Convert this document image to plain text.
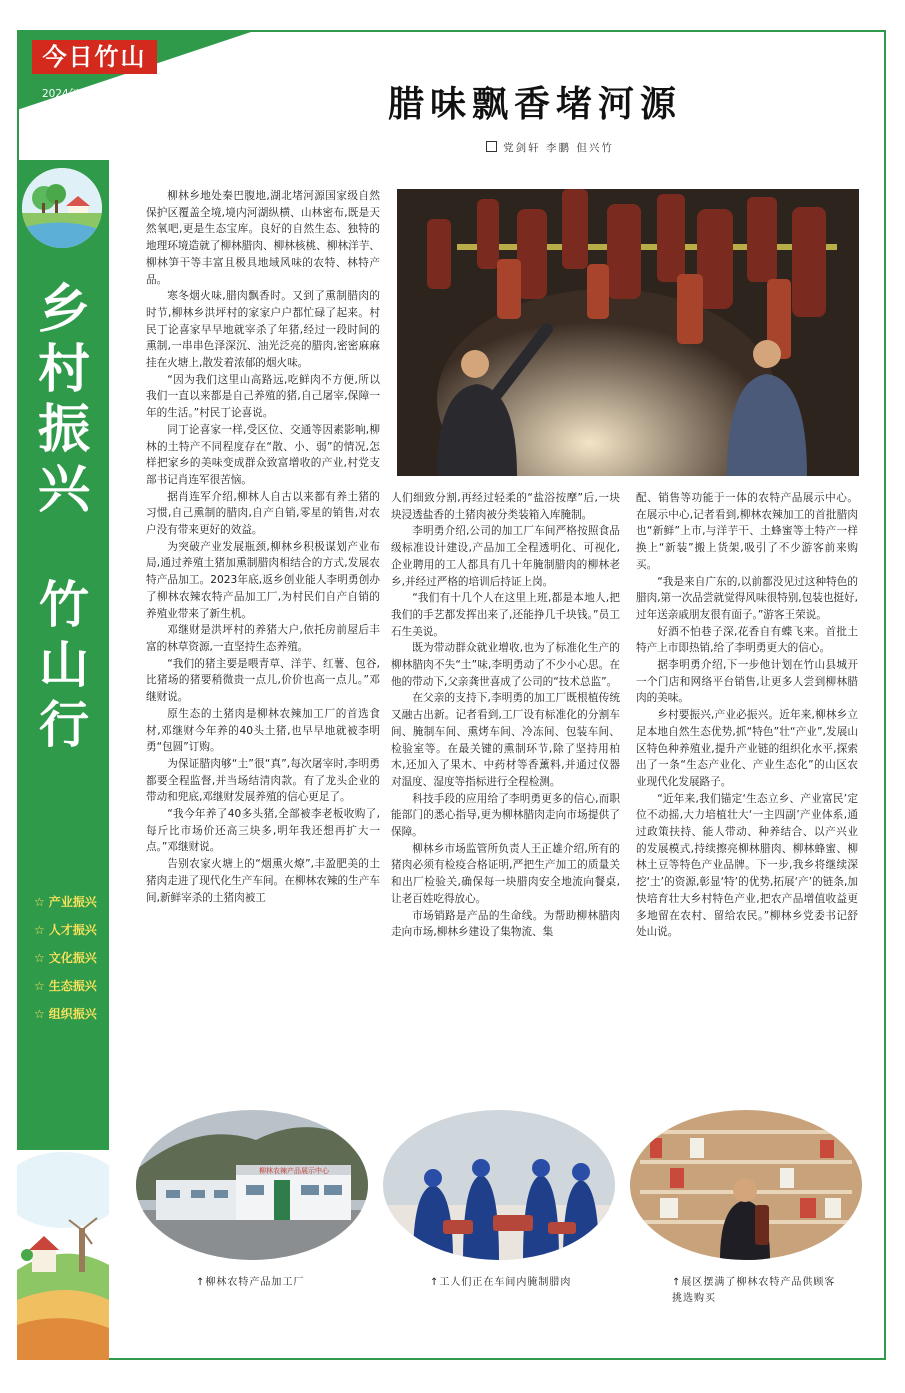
今日竹山
2024年1月12日 星期五
责任编辑:张 媛
乡村振兴
竹山行
☆ 产业振兴
☆ 人才振兴
☆ 文化振兴
☆ 生态振兴
☆ 组织振兴
腊味飘香堵河源
党剑轩 李鹏 但兴竹

柳林乡地处秦巴腹地,湖北堵河源国家级自然保护区覆盖全境,境内河湖纵横、山林密布,既是天然氧吧,更是生态宝库。良好的自然生态、独特的地理环境造就了柳林腊肉、柳林核桃、柳林洋芋、柳林笋干等丰富且极具地域风味的农特、林特产品。

寒冬烟火味,腊肉飘香时。又到了熏制腊肉的时节,柳林乡洪坪村的家家户户都忙碌了起来。村民丁论喜家早早地就宰杀了年猪,经过一段时间的熏制,一串串色泽深沉、油光泛亮的腊肉,密密麻麻挂在火塘上,散发着浓郁的烟火味。

“因为我们这里山高路远,吃鲜肉不方便,所以我们一直以来都是自己养殖的猪,自己屠宰,保障一年的生活。”村民丁论喜说。

同丁论喜家一样,受区位、交通等因素影响,柳林的土特产不同程度存在“散、小、弱”的情况,怎样把家乡的美味变成群众致富增收的产业,村党支部书记肖连军很苦恼。

据肖连军介绍,柳林人自古以来都有养土猪的习惯,自己熏制的腊肉,自产自销,零星的销售,对农户没有带来更好的效益。

为突破产业发展瓶颈,柳林乡积极谋划产业布局,通过养殖土猪加熏制腊肉相结合的方式,发展农特产品加工。2023年底,返乡创业能人李明勇创办了柳林农辣农特产品加工厂,为村民们自产自销的养殖业带来了新生机。

邓继财是洪坪村的养猪大户,依托房前屋后丰富的林草资源,一直坚持生态养殖。

“我们的猪主要是喂青草、洋芋、红薯、包谷,比猪场的猪要稍微贵一点儿,价价也高一点儿。”邓继财说。

原生态的土猪肉是柳林农辣加工厂的首选食材,邓继财今年养的40头土猪,也早早地就被李明勇“包圆”订购。

为保证腊肉够“土”很“真”,每次屠宰时,李明勇都要全程监督,并当场结清肉款。有了龙头企业的带动和兜底,邓继财发展养殖的信心更足了。

“我今年养了40多头猪,全部被李老板收购了,每斤比市场价还高三块多,明年我还想再扩大一点。”邓继财说。

告别农家火塘上的“烟熏火燎”,丰盈肥美的土猪肉走进了现代化生产车间。在柳林农辣的生产车间,新鲜宰杀的土猪肉被工

人们细致分割,再经过轻柔的“盐浴按摩”后,一块块浸透盐香的土猪肉被分类装箱入库腌制。

李明勇介绍,公司的加工厂车间严格按照食品级标准设计建设,产品加工全程透明化、可视化,企业聘用的工人都具有几十年腌制腊肉的柳林老乡,并经过严格的培训后持证上岗。

“我们有十几个人在这里上班,都是本地人,把我们的手艺都发挥出来了,还能挣几千块钱。”员工石生美说。

既为带动群众就业增收,也为了标准化生产的柳林腊肉不失“土”味,李明勇动了不少小心思。在他的带动下,父亲龚世喜成了公司的“技术总监”。

在父亲的支持下,李明勇的加工厂既根植传统又融古出新。记者看到,工厂设有标准化的分割车间、腌制车间、熏烤车间、冷冻间、包装车间、检验室等。在最关键的熏制环节,除了坚持用柏木,还加入了果木、中药材等香薰料,并通过仪器对温度、湿度等指标进行全程检测。

科技手段的应用给了李明勇更多的信心,而职能部门的悉心指导,更为柳林腊肉走向市场提供了保障。

柳林乡市场监管所负责人王正雄介绍,所有的猪肉必须有检疫合格证明,严把生产加工的质量关和出厂检验关,确保每一块腊肉安全地流向餐桌,让老百姓吃得放心。

市场销路是产品的生命线。为帮助柳林腊肉走向市场,柳林乡建设了集物流、集

配、销售等功能于一体的农特产品展示中心。在展示中心,记者看到,柳林农辣加工的首批腊肉也“新鲜”上市,与洋芋干、土蜂蜜等土特产一样换上“新装”搬上货架,吸引了不少游客前来购买。

“我是来自广东的,以前都没见过这种特色的腊肉,第一次品尝就觉得风味很特别,包装也挺好,过年送亲戚朋友很有面子。”游客王荣说。

好酒不怕巷子深,花香自有蝶飞来。首批土特产上市即热销,给了李明勇更大的信心。

据李明勇介绍,下一步他计划在竹山县城开一个门店和网络平台销售,让更多人尝到柳林腊肉的美味。

乡村要振兴,产业必振兴。近年来,柳林乡立足本地自然生态优势,抓“特色”壮“产业”,发展山区特色种养殖业,提升产业链的组织化水平,探索出了一条“生态产业化、产业生态化”的山区农业现代化发展路子。

“近年来,我们锚定‘生态立乡、产业富民’定位不动摇,大力培植壮大‘一主四副’产业体系,通过政策扶持、能人带动、种养结合、以产兴业的发展模式,持续擦亮柳林腊肉、柳林蜂蜜、柳林土豆等特色产业品牌。下一步,我乡将继续深挖‘土’的资源,彰显‘特’的优势,拓展‘产’的链条,加快培育壮大乡村特色产业,把农产品增值收益更多地留在农村、留给农民。”柳林乡党委书记舒处山说。

柳林农辣产品展示中心
↑柳林农特产品加工厂	↑工人们正在车间内腌制腊肉	↑展区摆满了柳林农特产品供顾客挑选购买
